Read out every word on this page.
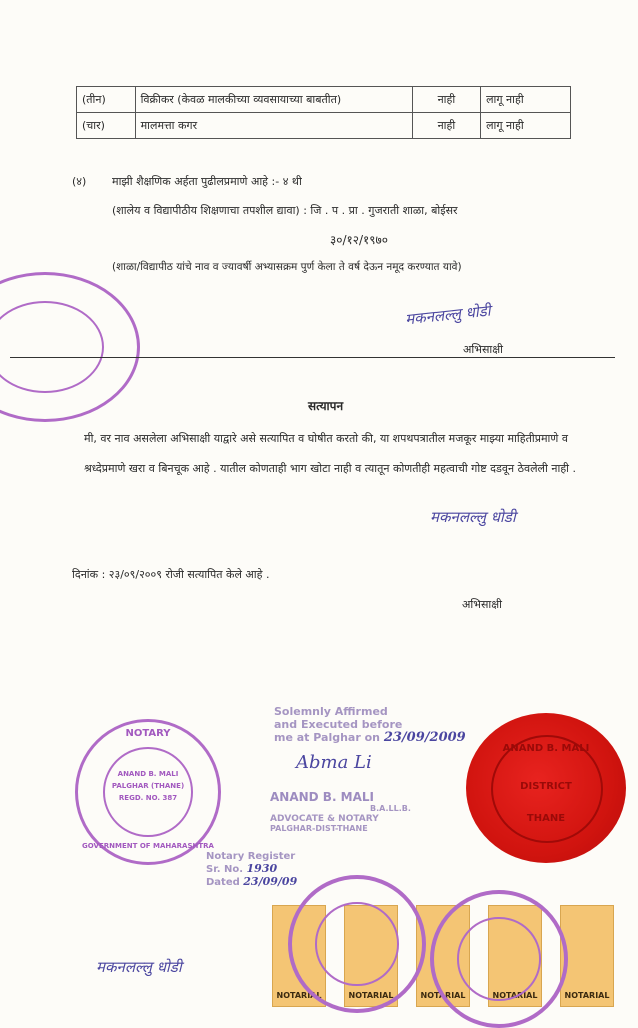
(तीन)	विक्रीकर (केवळ मालकीच्या व्यवसायाच्या बाबतीत)	नाही	लागू नाही
(चार)	मालमत्ता कगर	नाही	लागू नाही
(४) माझी शैक्षणिक अर्हता पुढीलप्रमाणे आहे :- ४ थी
(शालेय व विद्यापीठीय शिक्षणाचा तपशील द्यावा) : जि . प . प्रा . गुजराती शाळा, बोईसर
३०/१२/१९७०
(शाळा/विद्यापीठ यांचे नाव व ज्यावर्षी अभ्यासक्रम पुर्ण केला ते वर्ष देऊन नमूद करण्यात यावे)
मकनलल्लु धोडी
अभिसाक्षी
सत्यापन
मी, वर नाव असलेला अभिसाक्षी याद्वारे असे सत्यापित व घोषीत करतो की, या शपथपत्रातील मजकूर माझ्या माहितीप्रमाणे व श्रध्देप्रमाणे खरा व बिनचूक आहे . यातील कोणताही भाग खोटा नाही व त्यातून कोणतीही महत्वाची गोष्ट दडवून ठेवलेली नाही .
मकनलल्लु धोडी
दिनांक : २३/०९/२००९ रोजी सत्यापित केले आहे .
अभिसाक्षी
NOTARY
ANAND B. MALI
PALGHAR (THANE)
REGD. NO. 387
GOVERNMENT OF MAHARASHTRA
Solemnly Affirmed
and Executed before
me at Palghar on 23/09/2009
Abma Li
ANAND B. MALI
B.A.LL.B.
ADVOCATE & NOTARY
PALGHAR-DIST-THANE
Notary Register
Sr. No. 1930
Dated 23/09/09
ANAND B. MALI
DISTRICT
THANE
NOTARIAL	NOTARIAL	NOTARIAL	NOTARIAL	NOTARIAL
मकनलल्लु धोडी
